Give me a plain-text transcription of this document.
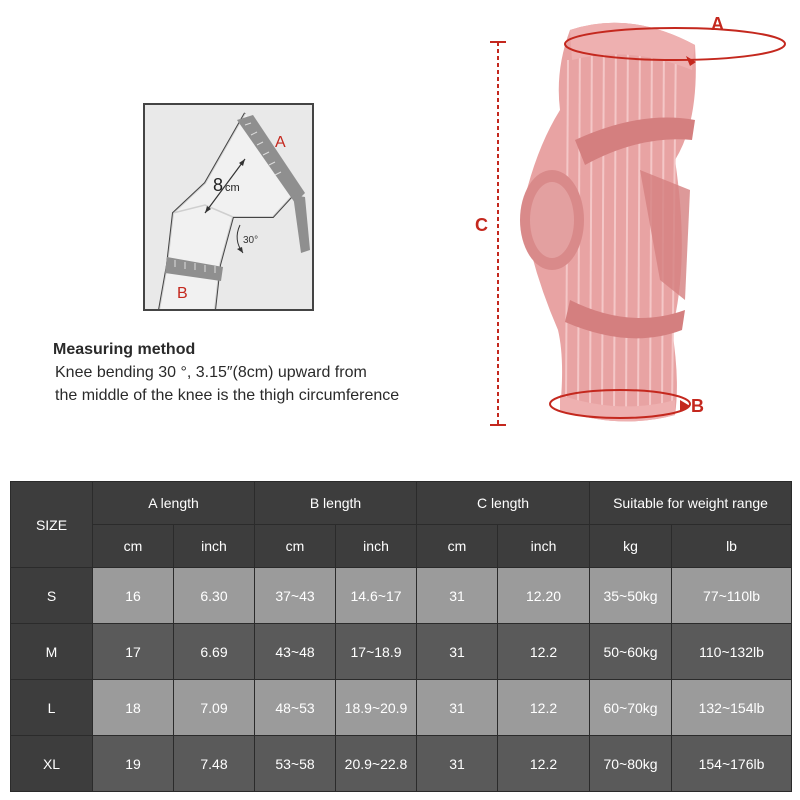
A
B
8 cm
30°
Measuring method
Knee bending 30 °, 3.15″(8cm) upward from
the middle of the knee is the thigh circumference
A
B
C
SIZE	A length		B length		C length		Suitable for weight range	
	cm	inch	cm	inch	cm	inch	kg	lb
S	16	6.30	37~43	14.6~17	31	12.20	35~50kg	77~110lb
M	17	6.69	43~48	17~18.9	31	12.2	50~60kg	110~132lb
L	18	7.09	48~53	18.9~20.9	31	12.2	60~70kg	132~154lb
XL	19	7.48	53~58	20.9~22.8	31	12.2	70~80kg	154~176lb
